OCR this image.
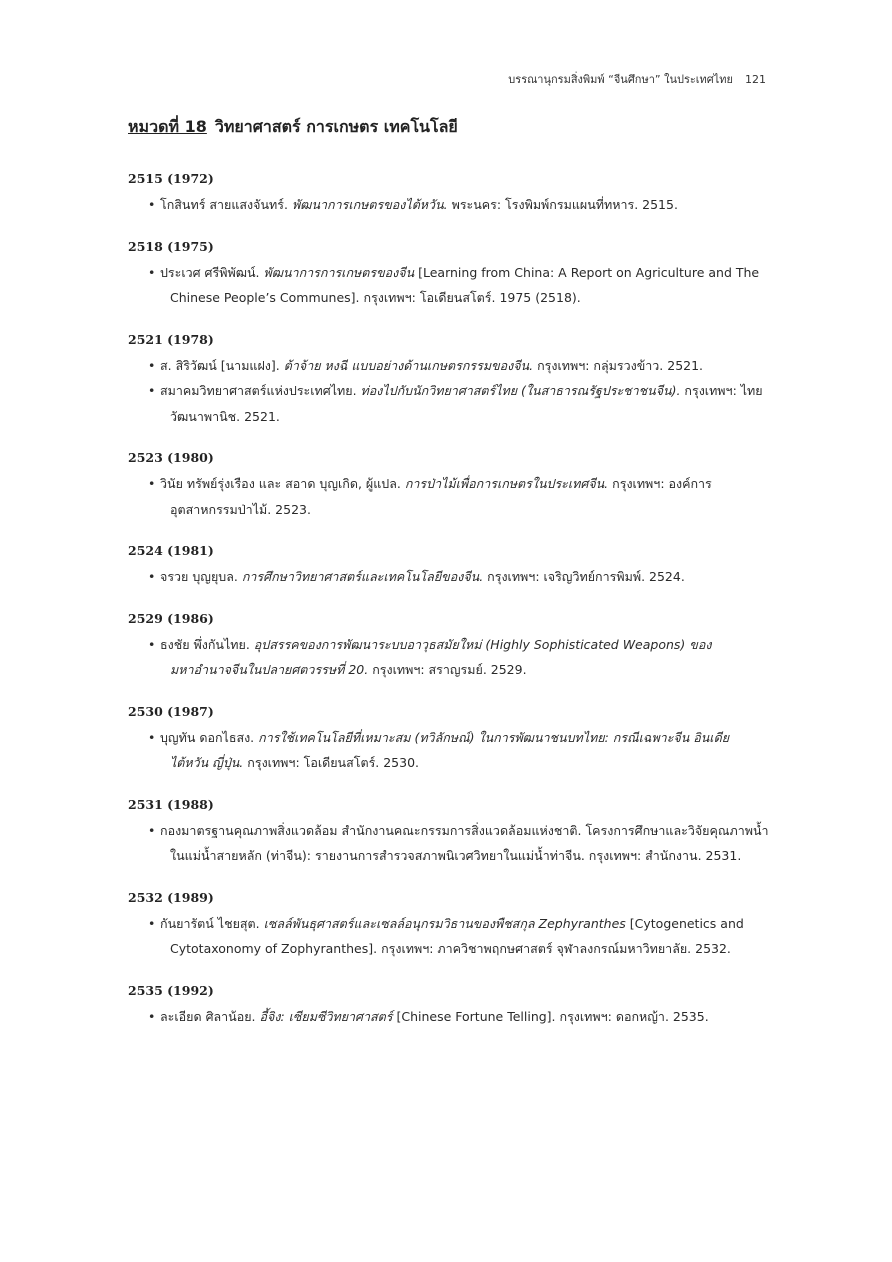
บรรณานุกรมสิ่งพิมพ์ “จีนศึกษา” ในประเทศไทย 121
หมวดที่ 18 วิทยาศาสตร์ การเกษตร เทคโนโลยี
2515 (1972)

• โกสินทร์ สายแสงจันทร์. พัฒนาการเกษตรของไต้หวัน. พระนคร: โรงพิมพ์กรมแผนที่ทหาร. 2515.

2518 (1975)

• ประเวศ ศรีพิพัฒน์. พัฒนาการการเกษตรของจีน [Learning from China: A Report on Agriculture and The Chinese People’s Communes]. กรุงเทพฯ: โอเดียนสโตร์. 1975 (2518).

2521 (1978)

• ส. สิริวัฒน์ [นามแฝง]. ต้าจ้าย หงฉี แบบอย่างด้านเกษตรกรรมของจีน. กรุงเทพฯ: กลุ่มรวงข้าว. 2521.

• สมาคมวิทยาศาสตร์แห่งประเทศไทย. ท่องไปกับนักวิทยาศาสตร์ไทย (ในสาธารณรัฐประชาชนจีน). กรุงเทพฯ: ไทยวัฒนาพานิช. 2521.

2523 (1980)

• วินัย ทรัพย์รุ่งเรือง และ สอาด บุญเกิด, ผู้แปล. การป่าไม้เพื่อการเกษตรในประเทศจีน. กรุงเทพฯ: องค์การอุตสาหกรรมป่าไม้. 2523.

2524 (1981)

• จรวย บุญยุบล. การศึกษาวิทยาศาสตร์และเทคโนโลยีของจีน. กรุงเทพฯ: เจริญวิทย์การพิมพ์. 2524.

2529 (1986)

• ธงชัย พึ่งกันไทย. อุปสรรคของการพัฒนาระบบอาวุธสมัยใหม่ (Highly Sophisticated Weapons) ของมหาอำนาจจีนในปลายศตวรรษที่ 20. กรุงเทพฯ: สราญรมย์. 2529.

2530 (1987)

• บุญทัน ดอกไธสง. การใช้เทคโนโลยีที่เหมาะสม (ทวิลักษณ์) ในการพัฒนาชนบทไทย: กรณีเฉพาะจีน อินเดีย ไต้หวัน ญี่ปุ่น. กรุงเทพฯ: โอเดียนสโตร์. 2530.

2531 (1988)

• กองมาตรฐานคุณภาพสิ่งแวดล้อม สำนักงานคณะกรรมการสิ่งแวดล้อมแห่งชาติ. โครงการศึกษาและวิจัยคุณภาพน้ำในแม่น้ำสายหลัก (ท่าจีน): รายงานการสำรวจสภาพนิเวศวิทยาในแม่น้ำท่าจีน. กรุงเทพฯ: สำนักงาน. 2531.

2532 (1989)

• กันยารัตน์ ไชยสุต. เซลล์พันธุศาสตร์และเซลล์อนุกรมวิธานของพืชสกุล Zephyranthes [Cytogenetics and Cytotaxonomy of Zophyranthes]. กรุงเทพฯ: ภาควิชาพฤกษศาสตร์ จุฬาลงกรณ์มหาวิทยาลัย. 2532.

2535 (1992)

• ละเอียด ศิลาน้อย. อี้จิง: เซียมซีวิทยาศาสตร์ [Chinese Fortune Telling]. กรุงเทพฯ: ดอกหญ้า. 2535.
